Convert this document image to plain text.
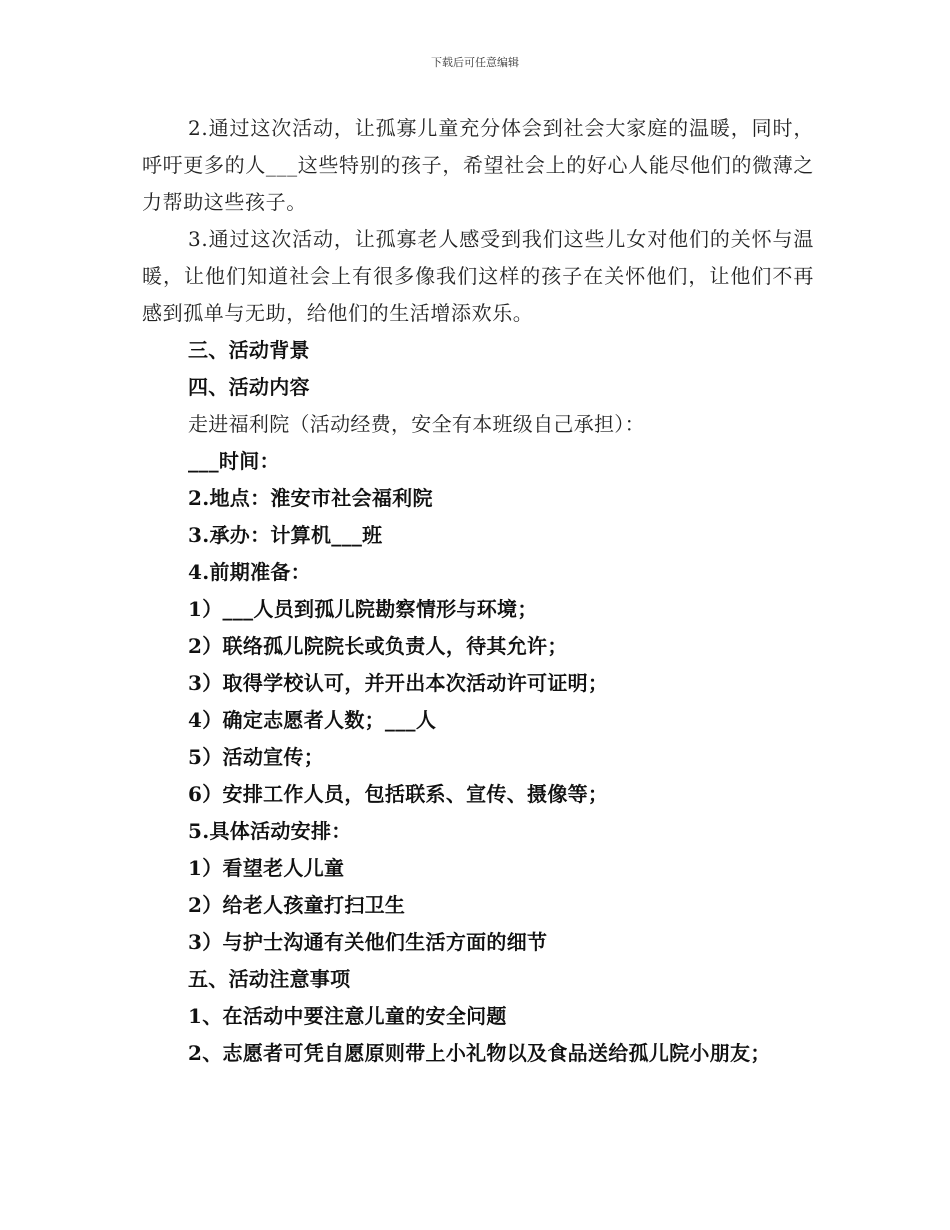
下载后可任意编辑

2.通过这次活动，让孤寡儿童充分体会到社会大家庭的温暖，同时，呼吁更多的人___这些特别的孩子，希望社会上的好心人能尽他们的微薄之力帮助这些孩子。

3.通过这次活动，让孤寡老人感受到我们这些儿女对他们的关怀与温暖，让他们知道社会上有很多像我们这样的孩子在关怀他们，让他们不再感到孤单与无助，给他们的生活增添欢乐。

三、活动背景

四、活动内容

走进福利院（活动经费，安全有本班级自己承担）：

___时间：

2.地点：淮安市社会福利院

3.承办：计算机___班

4.前期准备：

1）___人员到孤儿院勘察情形与环境；

2）联络孤儿院院长或负责人，待其允许；

3）取得学校认可，并开出本次活动许可证明；

4）确定志愿者人数；___人

5）活动宣传；

6）安排工作人员，包括联系、宣传、摄像等；

5.具体活动安排：

1）看望老人儿童

2）给老人孩童打扫卫生

3）与护士沟通有关他们生活方面的细节

五、活动注意事项

1、在活动中要注意儿童的安全问题

2、志愿者可凭自愿原则带上小礼物以及食品送给孤儿院小朋友；
